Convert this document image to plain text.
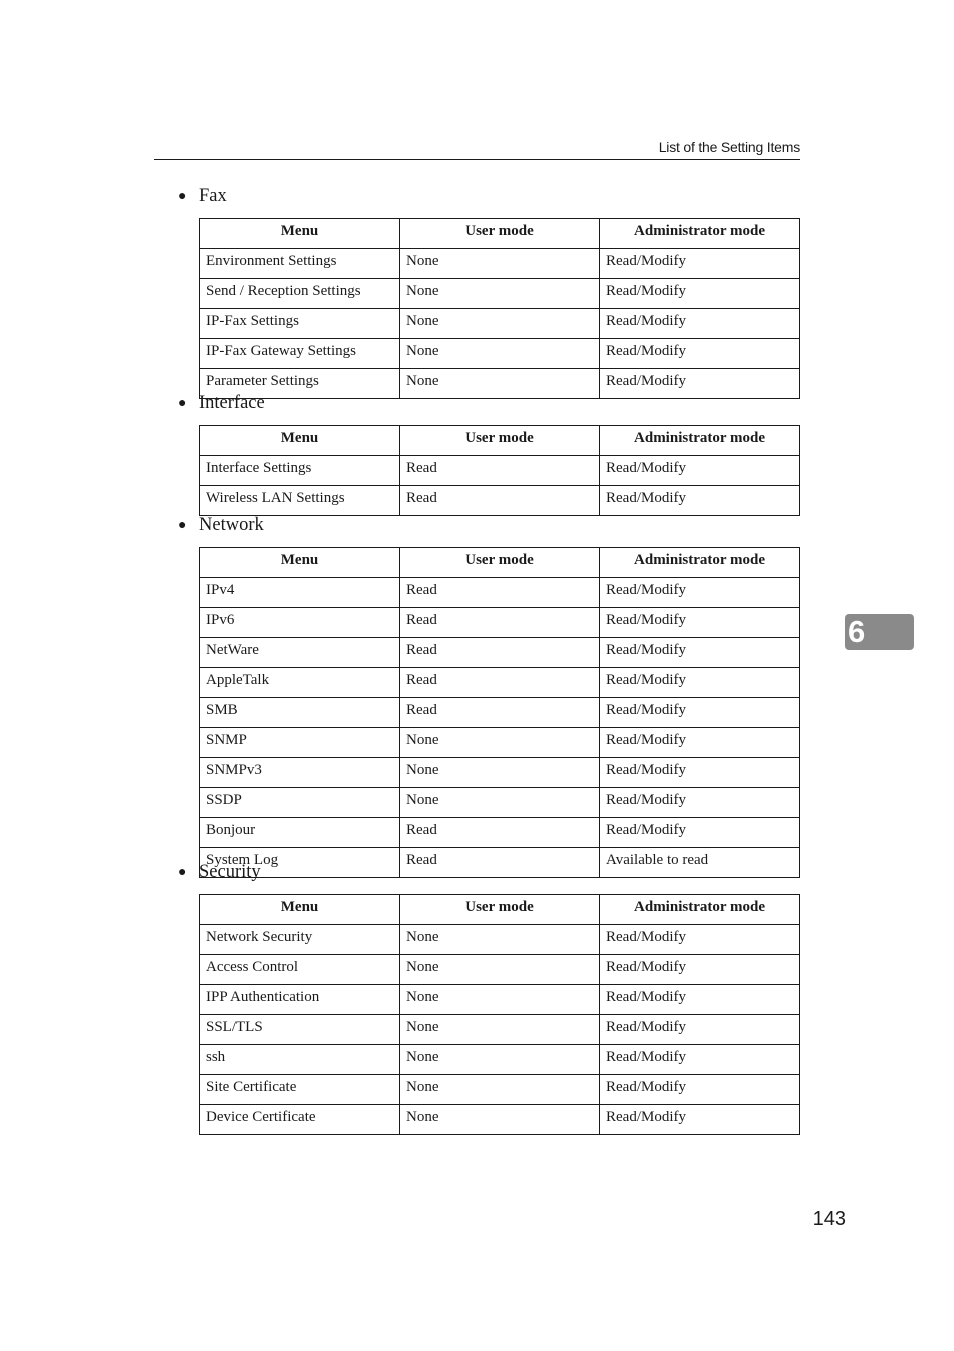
List of the Setting Items
● Fax
Menu	User mode	Administrator mode
Environment Settings	None	Read/Modify
Send / Reception Settings	None	Read/Modify
IP-Fax Settings	None	Read/Modify
IP-Fax Gateway Settings	None	Read/Modify
Parameter Settings	None	Read/Modify
● Interface
Menu	User mode	Administrator mode
Interface Settings	Read	Read/Modify
Wireless LAN Settings	Read	Read/Modify
● Network
Menu	User mode	Administrator mode
IPv4	Read	Read/Modify
IPv6	Read	Read/Modify
NetWare	Read	Read/Modify
AppleTalk	Read	Read/Modify
SMB	Read	Read/Modify
SNMP	None	Read/Modify
SNMPv3	None	Read/Modify
SSDP	None	Read/Modify
Bonjour	Read	Read/Modify
System Log	Read	Available to read
● Security
Menu	User mode	Administrator mode
Network Security	None	Read/Modify
Access Control	None	Read/Modify
IPP Authentication	None	Read/Modify
SSL/TLS	None	Read/Modify
ssh	None	Read/Modify
Site Certificate	None	Read/Modify
Device Certificate	None	Read/Modify
6
143
